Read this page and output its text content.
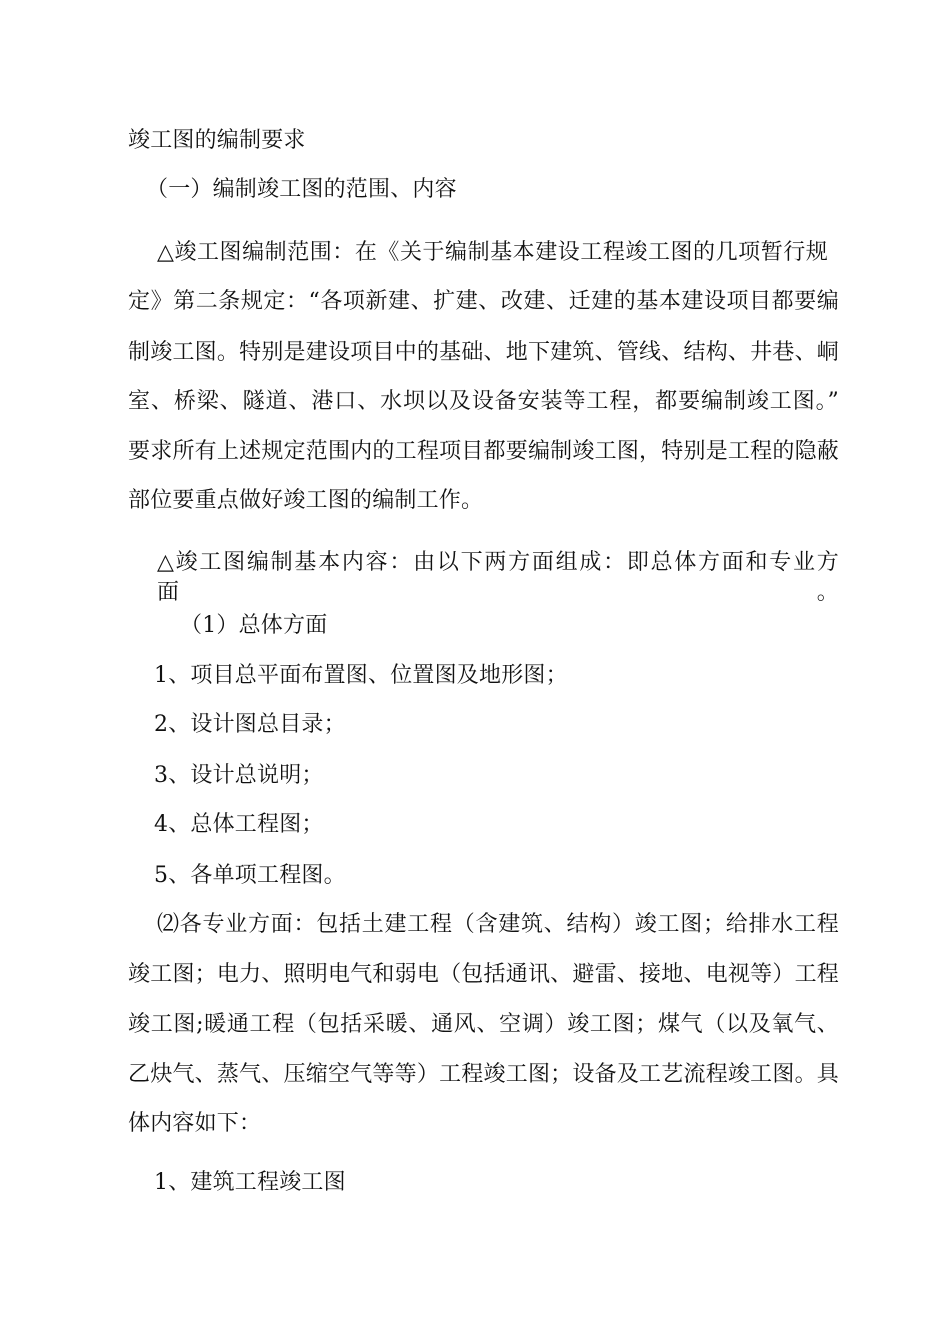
竣工图的编制要求
（一）编制竣工图的范围、内容
△竣工图编制范围：在《关于编制基本建设工程竣工图的几项暂行规
定》第二条规定：“各项新建、扩建、改建、迁建的基本建设项目都要编
制竣工图。特别是建设项目中的基础、地下建筑、管线、结构、井巷、峒
室、桥梁、隧道、港口、水坝以及设备安装等工程，都要编制竣工图。”
要求所有上述规定范围内的工程项目都要编制竣工图，特别是工程的隐蔽
部位要重点做好竣工图的编制工作。
△竣工图编制基本内容：由以下两方面组成：即总体方面和专业方面。
（1）总体方面
1、项目总平面布置图、位置图及地形图；
2、设计图总目录；
3、设计总说明；
4、总体工程图；
5、各单项工程图。
⑵各专业方面：包括土建工程（含建筑、结构）竣工图；给排水工程
竣工图；电力、照明电气和弱电（包括通讯、避雷、接地、电视等）工程
竣工图;暖通工程（包括采暖、通风、空调）竣工图；煤气（以及氧气、
乙炔气、蒸气、压缩空气等等）工程竣工图；设备及工艺流程竣工图。具
体内容如下：
1、建筑工程竣工图
